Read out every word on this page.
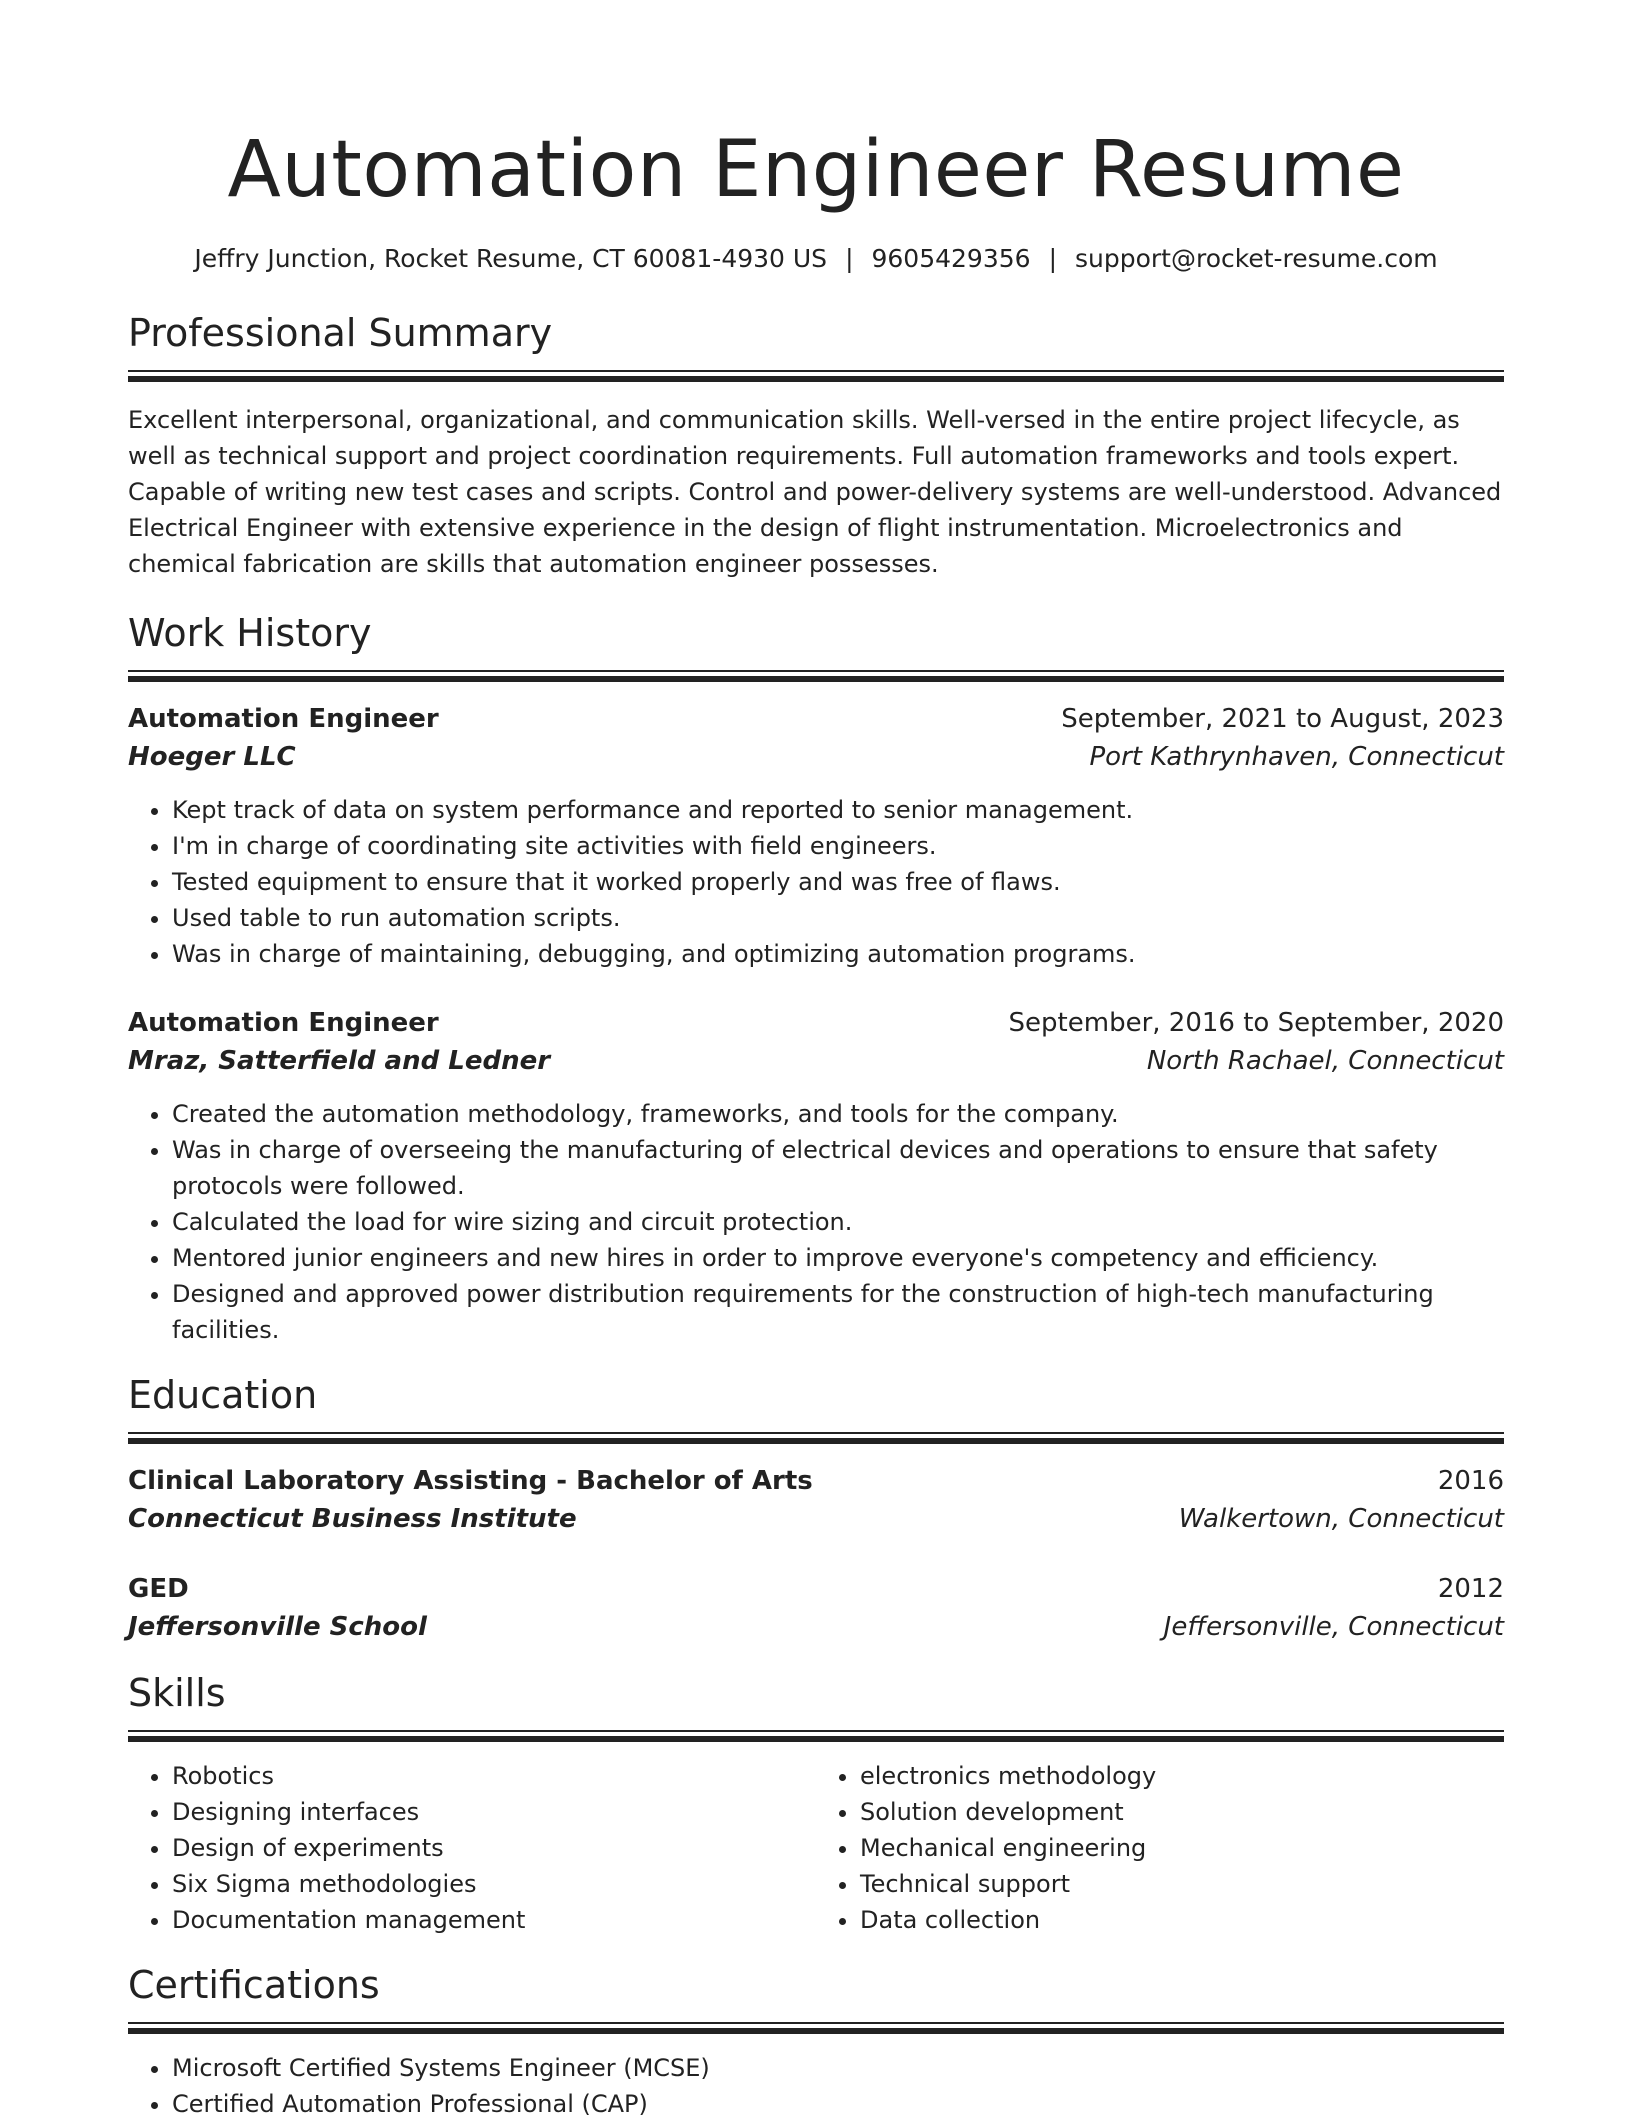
Automation Engineer Resume
Jeffry Junction, Rocket Resume, CT 60081-4930 US | 9605429356 | support@rocket-resume.com
Professional Summary
Excellent interpersonal, organizational, and communication skills. Well-versed in the entire project lifecycle, as well as technical support and project coordination requirements. Full automation frameworks and tools expert. Capable of writing new test cases and scripts. Control and power-delivery systems are well-understood. Advanced Electrical Engineer with extensive experience in the design of flight instrumentation. Microelectronics and chemical fabrication are skills that automation engineer possesses.
Work History
Automation Engineer	September, 2021 to August, 2023
Hoeger LLC	Port Kathrynhaven, Connecticut
• Kept track of data on system performance and reported to senior management.
• I'm in charge of coordinating site activities with field engineers.
• Tested equipment to ensure that it worked properly and was free of flaws.
• Used table to run automation scripts.
• Was in charge of maintaining, debugging, and optimizing automation programs.
Automation Engineer	September, 2016 to September, 2020
Mraz, Satterfield and Ledner	North Rachael, Connecticut
• Created the automation methodology, frameworks, and tools for the company.
• Was in charge of overseeing the manufacturing of electrical devices and operations to ensure that safety protocols were followed.
• Calculated the load for wire sizing and circuit protection.
• Mentored junior engineers and new hires in order to improve everyone's competency and efficiency.
• Designed and approved power distribution requirements for the construction of high-tech manufacturing facilities.
Education
Clinical Laboratory Assisting - Bachelor of Arts	2016
Connecticut Business Institute	Walkertown, Connecticut
GED	2012
Jeffersonville School	Jeffersonville, Connecticut
Skills
• Robotics
• Designing interfaces
• Design of experiments
• Six Sigma methodologies
• Documentation management
• electronics methodology
• Solution development
• Mechanical engineering
• Technical support
• Data collection
Certifications
• Microsoft Certified Systems Engineer (MCSE)
• Certified Automation Professional (CAP)
